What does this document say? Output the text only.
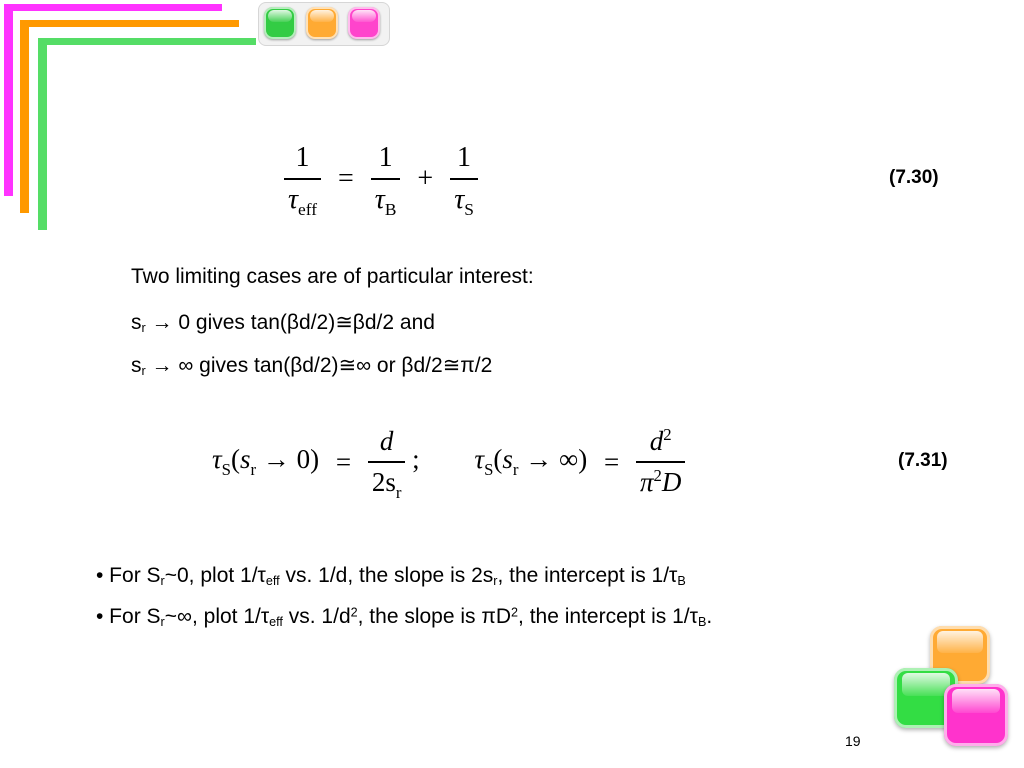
$\frac{1}{\tau_{eff}} = \frac{1}{\tau_B} + \frac{1}{\tau_S}$	(7.30)
Two limiting cases are of particular interest:
$s_r \to 0$ gives tan(βd/2)≅βd/2 and
$s_r$ → ∞ gives tan(βd/2)≅∞ or βd/2≅π/2
$\tau_S(s_r \to 0) = \frac{d}{2s_r}$ ; $\tau_S(s_r$ → ∞) = $\frac{d^2}{\pi^2D}$	(7.31)
• For $S_r\sim 0$, plot $1/\tau_{eff}$ vs. 1/d, the slope is $2s_r$, the intercept is $1/\tau_B$
• For $S_r\sim\infty$, plot $1/\tau_{eff}$ vs. $1/d^2$, the slope is $\pi D^2$, the intercept is $1/\tau_B$.
19
